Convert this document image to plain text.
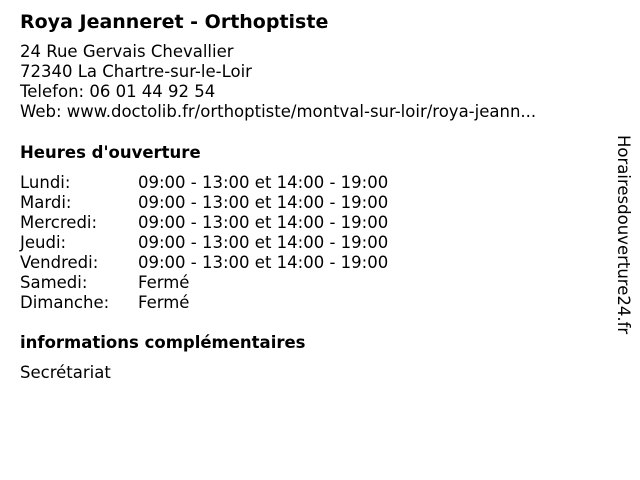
Roya Jeanneret - Orthoptiste
24 Rue Gervais Chevallier
72340 La Chartre-sur-le-Loir
Telefon: 06 01 44 92 54
Web: www.doctolib.fr/orthoptiste/montval-sur-loir/roya-jeann...
Heures d'ouverture
Lundi:	09:00 - 13:00 et 14:00 - 19:00
Mardi:	09:00 - 13:00 et 14:00 - 19:00
Mercredi: 09:00 - 13:00 et 14:00 - 19:00
Jeudi:	09:00 - 13:00 et 14:00 - 19:00
Vendredi: 09:00 - 13:00 et 14:00 - 19:00
Samedi:	Fermé
Dimanche: Fermé
informations complémentaires
Secrétariat
Horairesdouverture24.fr
